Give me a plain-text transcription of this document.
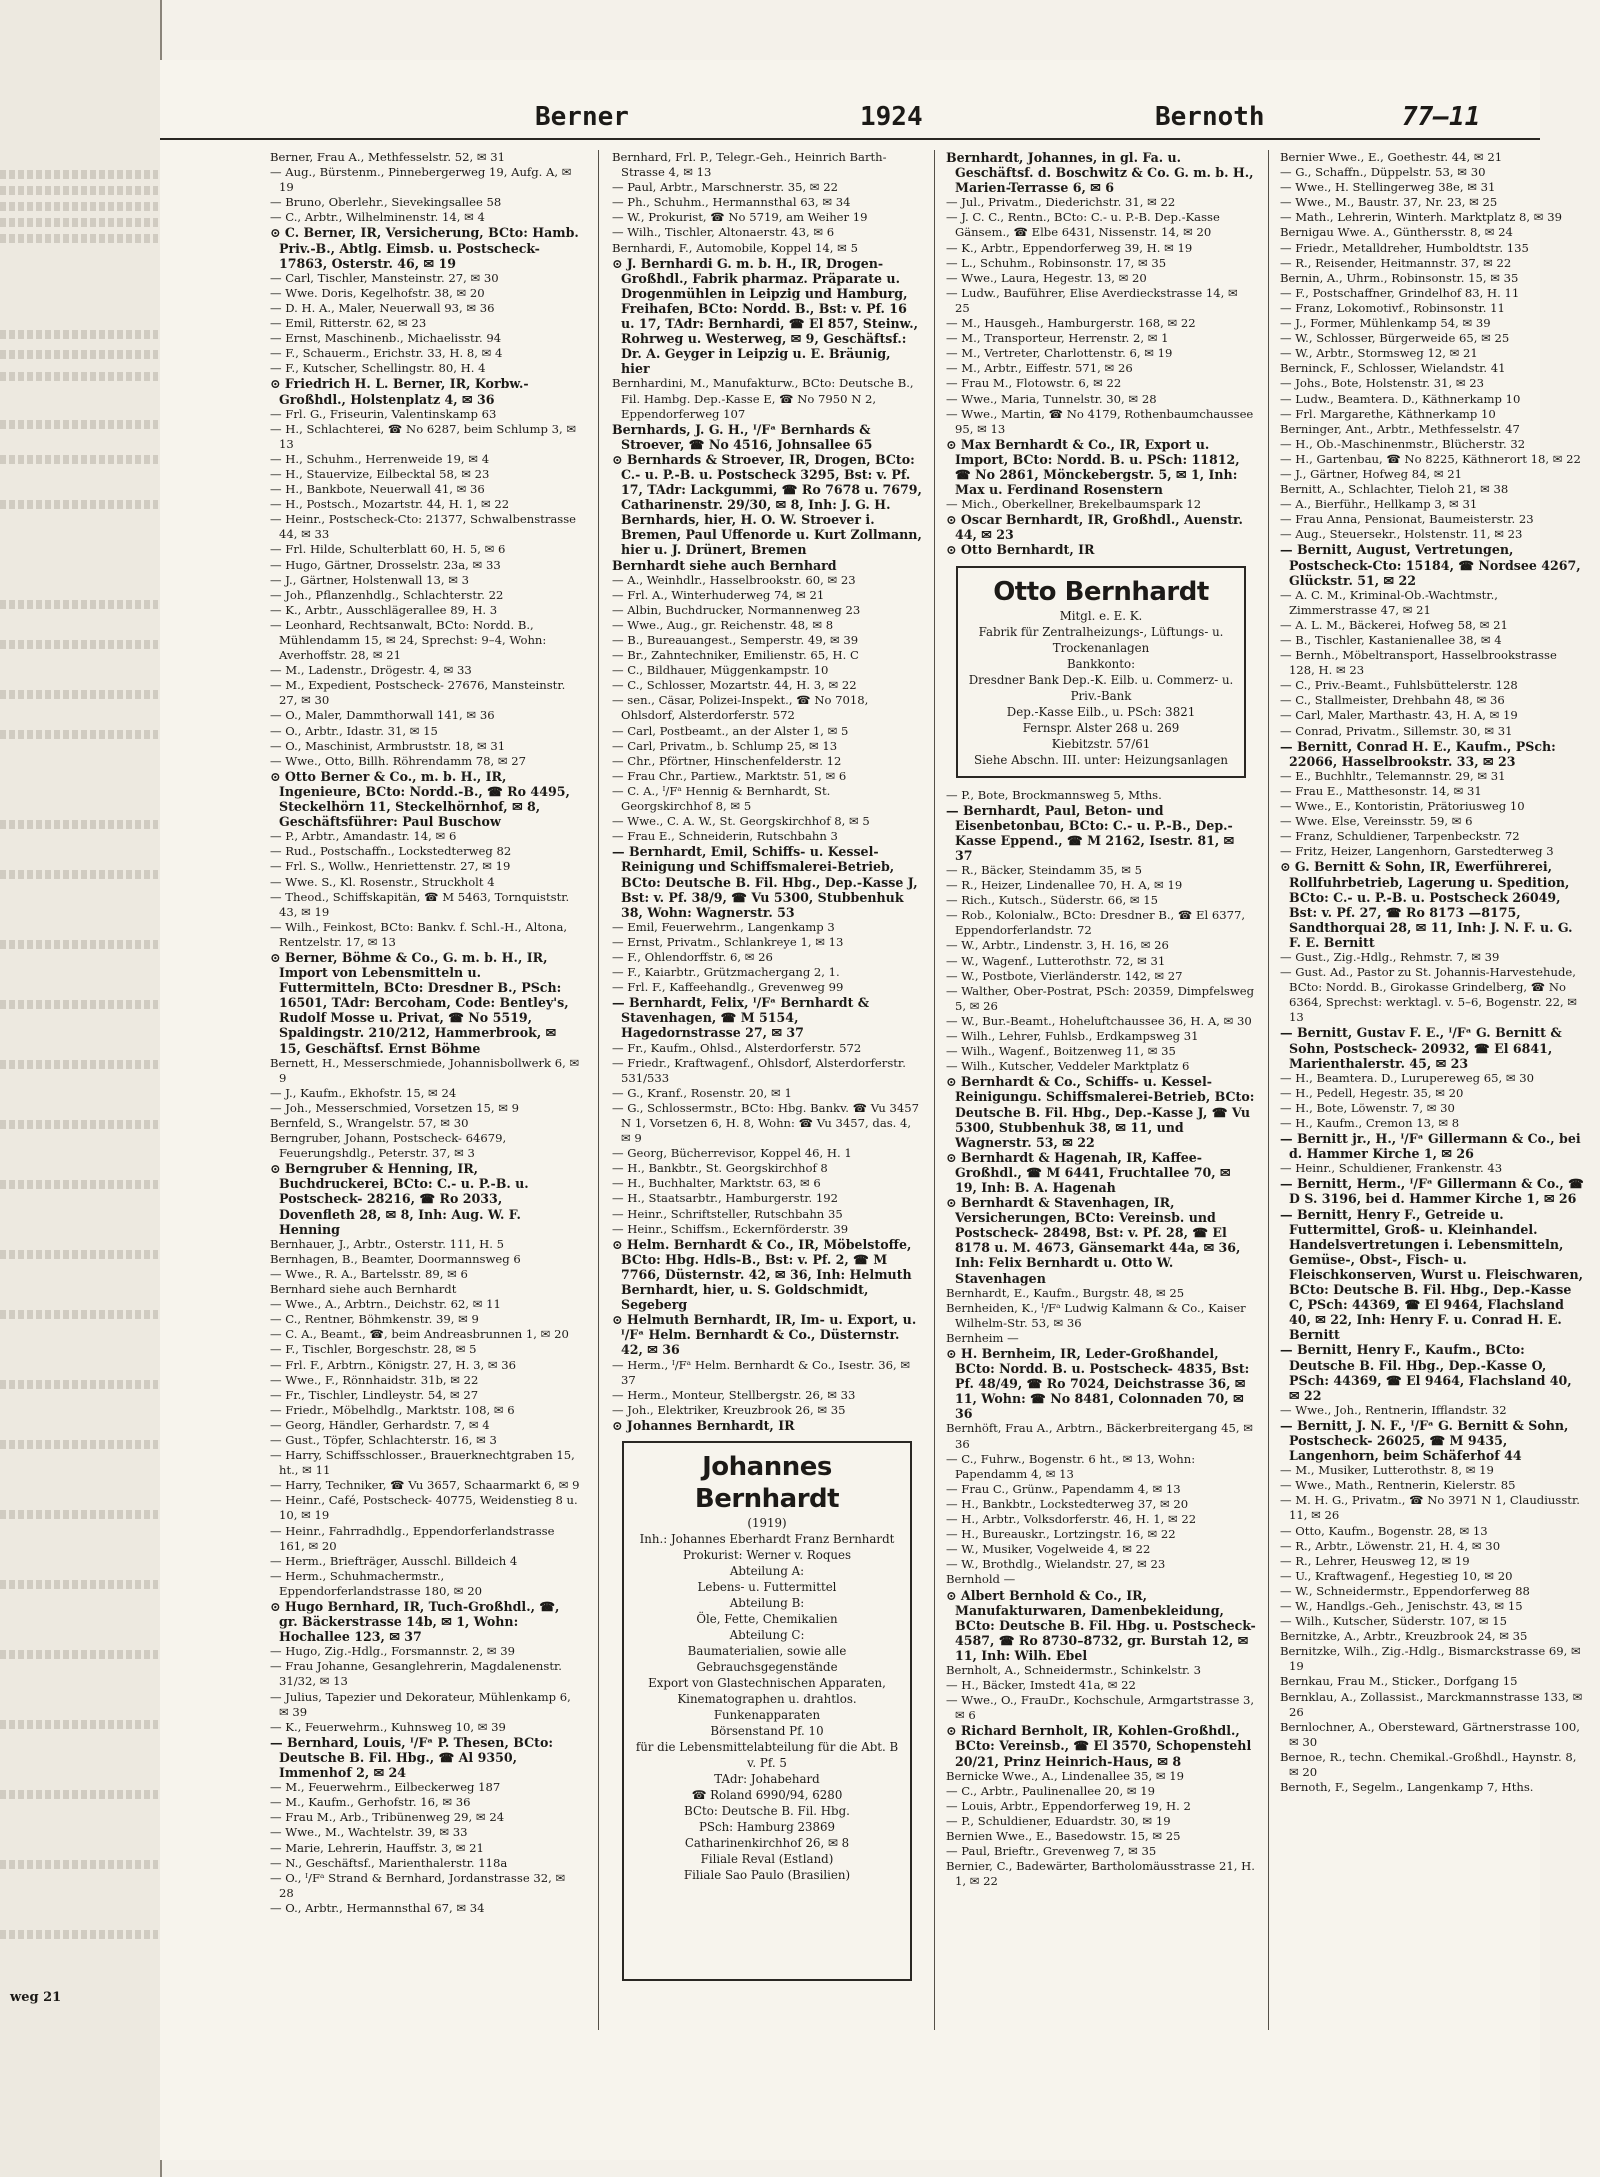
weg 21
Berner	1924	Bernoth	77—11

Berner, Frau A., Methfesselstr. 52, ✉ 31

— Aug., Bürstenm., Pinnebergerweg 19, Aufg. A, ✉ 19

— Bruno, Oberlehr., Sievekingsallee 58

— C., Arbtr., Wilhelminenstr. 14, ✉ 4

⊙ C. Berner, IR, Versicherung, BCto: Hamb. Priv.-B., Abtlg. Eimsb. u. Postscheck- 17863, Osterstr. 46, ✉ 19

— Carl, Tischler, Mansteinstr. 27, ✉ 30

— Wwe. Doris, Kegelhofstr. 38, ✉ 20

— D. H. A., Maler, Neuerwall 93, ✉ 36

— Emil, Ritterstr. 62, ✉ 23

— Ernst, Maschinenb., Michaelisstr. 94

— F., Schauerm., Erichstr. 33, H. 8, ✉ 4

— F., Kutscher, Schellingstr. 80, H. 4

⊙ Friedrich H. L. Berner, IR, Korbw.-Großhdl., Holstenplatz 4, ✉ 36

— Frl. G., Friseurin, Valentinskamp 63

— H., Schlachterei, ☎ No 6287, beim Schlump 3, ✉ 13

— H., Schuhm., Herrenweide 19, ✉ 4

— H., Stauervize, Eilbecktal 58, ✉ 23

— H., Bankbote, Neuerwall 41, ✉ 36

— H., Postsch., Mozartstr. 44, H. 1, ✉ 22

— Heinr., Postscheck-Cto: 21377, Schwalbenstrasse 44, ✉ 33

— Frl. Hilde, Schulterblatt 60, H. 5, ✉ 6

— Hugo, Gärtner, Drosselstr. 23a, ✉ 33

— J., Gärtner, Holstenwall 13, ✉ 3

— Joh., Pflanzenhdlg., Schlachterstr. 22

— K., Arbtr., Ausschlägerallee 89, H. 3

— Leonhard, Rechtsanwalt, BCto: Nordd. B., Mühlendamm 15, ✉ 24, Sprechst: 9–4, Wohn: Averhoffstr. 28, ✉ 21

— M., Ladenstr., Drögestr. 4, ✉ 33

— M., Expedient, Postscheck- 27676, Mansteinstr. 27, ✉ 30

— O., Maler, Dammthorwall 141, ✉ 36

— O., Arbtr., Idastr. 31, ✉ 15

— O., Maschinist, Armbruststr. 18, ✉ 31

— Wwe., Otto, Billh. Röhrendamm 78, ✉ 27

⊙ Otto Berner & Co., m. b. H., IR, Ingenieure, BCto: Nordd.-B., ☎ Ro 4495, Steckelhörn 11, Steckelhörnhof, ✉ 8, Geschäftsführer: Paul Buschow

— P., Arbtr., Amandastr. 14, ✉ 6

— Rud., Postschaffn., Lockstedterweg 82

— Frl. S., Wollw., Henriettenstr. 27, ✉ 19

— Wwe. S., Kl. Rosenstr., Struckholt 4

— Theod., Schiffskapitän, ☎ M 5463, Tornquiststr. 43, ✉ 19

— Wilh., Feinkost, BCto: Bankv. f. Schl.-H., Altona, Rentzelstr. 17, ✉ 13

⊙ Berner, Böhme & Co., G. m. b. H., IR, Import von Lebensmitteln u. Futtermitteln, BCto: Dresdner B., PSch: 16501, TAdr: Bercoham, Code: Bentley's, Rudolf Mosse u. Privat, ☎ No 5519, Spaldingstr. 210/212, Hammerbrook, ✉ 15, Geschäftsf. Ernst Böhme

Bernett, H., Messerschmiede, Johannisbollwerk 6, ✉ 9

— J., Kaufm., Ekhofstr. 15, ✉ 24

— Joh., Messerschmied, Vorsetzen 15, ✉ 9

Bernfeld, S., Wrangelstr. 57, ✉ 30

Berngruber, Johann, Postscheck- 64679, Feuerungshdlg., Peterstr. 37, ✉ 3

⊙ Berngruber & Henning, IR, Buchdruckerei, BCto: C.- u. P.-B. u. Postscheck- 28216, ☎ Ro 2033, Dovenfleth 28, ✉ 8, Inh: Aug. W. F. Henning

Bernhauer, J., Arbtr., Osterstr. 111, H. 5

Bernhagen, B., Beamter, Doormannsweg 6

— Wwe., R. A., Bartelsstr. 89, ✉ 6

Bernhard siehe auch Bernhardt

— Wwe., A., Arbtrn., Deichstr. 62, ✉ 11

— C., Rentner, Böhmkenstr. 39, ✉ 9

— C. A., Beamt., ☎, beim Andreasbrunnen 1, ✉ 20

— F., Tischler, Borgeschstr. 28, ✉ 5

— Frl. F., Arbtrn., Königstr. 27, H. 3, ✉ 36

— Wwe., F., Rönnhaidstr. 31b, ✉ 22

— Fr., Tischler, Lindleystr. 54, ✉ 27

— Friedr., Möbelhdlg., Marktstr. 108, ✉ 6

— Georg, Händler, Gerhardstr. 7, ✉ 4

— Gust., Töpfer, Schlachterstr. 16, ✉ 3

— Harry, Schiffsschlosser., Brauerknechtgraben 15, ht., ✉ 11

— Harry, Techniker, ☎ Vu 3657, Schaarmarkt 6, ✉ 9

— Heinr., Café, Postscheck- 40775, Weidenstieg 8 u. 10, ✉ 19

— Heinr., Fahrradhdlg., Eppendorferlandstrasse 161, ✉ 20

— Herm., Briefträger, Ausschl. Billdeich 4

— Herm., Schuhmachermstr., Eppendorferlandstrasse 180, ✉ 20

⊙ Hugo Bernhard, IR, Tuch-Großhdl., ☎, gr. Bäckerstrasse 14b, ✉ 1, Wohn: Hochallee 123, ✉ 37

— Hugo, Zig.-Hdlg., Forsmannstr. 2, ✉ 39

— Frau Johanne, Gesanglehrerin, Magdalenenstr. 31/32, ✉ 13

— Julius, Tapezier und Dekorateur, Mühlenkamp 6, ✉ 39

— K., Feuerwehrm., Kuhnsweg 10, ✉ 39

— Bernhard, Louis, ᴵ/Fᵃ P. Thesen, BCto: Deutsche B. Fil. Hbg., ☎ Al 9350, Immenhof 2, ✉ 24

— M., Feuerwehrm., Eilbeckerweg 187

— M., Kaufm., Gerhofstr. 16, ✉ 36

— Frau M., Arb., Tribünenweg 29, ✉ 24

— Wwe., M., Wachtelstr. 39, ✉ 33

— Marie, Lehrerin, Hauffstr. 3, ✉ 21

— N., Geschäftsf., Marienthalerstr. 118a

— O., ᴵ/Fᵃ Strand & Bernhard, Jordanstrasse 32, ✉ 28

— O., Arbtr., Hermannsthal 67, ✉ 34

Bernhard, Frl. P., Telegr.-Geh., Heinrich Barth-Strasse 4, ✉ 13

— Paul, Arbtr., Marschnerstr. 35, ✉ 22

— Ph., Schuhm., Hermannsthal 63, ✉ 34

— W., Prokurist, ☎ No 5719, am Weiher 19

— Wilh., Tischler, Altonaerstr. 43, ✉ 6

Bernhardi, F., Automobile, Koppel 14, ✉ 5

⊙ J. Bernhardi G. m. b. H., IR, Drogen-Großhdl., Fabrik pharmaz. Präparate u. Drogenmühlen in Leipzig und Hamburg, Freihafen, BCto: Nordd. B., Bst: v. Pf. 16 u. 17, TAdr: Bernhardi, ☎ El 857, Steinw., Rohrweg u. Westerweg, ✉ 9, Geschäftsf.: Dr. A. Geyger in Leipzig u. E. Bräunig, hier

Bernhardini, M., Manufakturw., BCto: Deutsche B., Fil. Hambg. Dep.-Kasse E, ☎ No 7950 N 2, Eppendorferweg 107

Bernhards, J. G. H., ᴵ/Fᵃ Bernhards & Stroever, ☎ No 4516, Johnsallee 65

⊙ Bernhards & Stroever, IR, Drogen, BCto: C.- u. P.-B. u. Postscheck 3295, Bst: v. Pf. 17, TAdr: Lackgummi, ☎ Ro 7678 u. 7679, Catharinenstr. 29/30, ✉ 8, Inh: J. G. H. Bernhards, hier, H. O. W. Stroever i. Bremen, Paul Uffenorde u. Kurt Zollmann, hier u. J. Drünert, Bremen

Bernhardt siehe auch Bernhard

— A., Weinhdlr., Hasselbrookstr. 60, ✉ 23

— Frl. A., Winterhuderweg 74, ✉ 21

— Albin, Buchdrucker, Normannenweg 23

— Wwe., Aug., gr. Reichenstr. 48, ✉ 8

— B., Bureauangest., Semperstr. 49, ✉ 39

— Br., Zahntechniker, Emilienstr. 65, H. C

— C., Bildhauer, Müggenkampstr. 10

— C., Schlosser, Mozartstr. 44, H. 3, ✉ 22

— sen., Cäsar, Polizei-Inspekt., ☎ No 7018, Ohlsdorf, Alsterdorferstr. 572

— Carl, Postbeamt., an der Alster 1, ✉ 5

— Carl, Privatm., b. Schlump 25, ✉ 13

— Chr., Pförtner, Hinschenfelderstr. 12

— Frau Chr., Partiew., Marktstr. 51, ✉ 6

— C. A., ᴵ/Fᵃ Hennig & Bernhardt, St. Georgskirchhof 8, ✉ 5

— Wwe., C. A. W., St. Georgskirchhof 8, ✉ 5

— Frau E., Schneiderin, Rutschbahn 3

— Bernhardt, Emil, Schiffs- u. Kessel-Reinigung und Schiffsmalerei-Betrieb, BCto: Deutsche B. Fil. Hbg., Dep.-Kasse J, Bst: v. Pf. 38/9, ☎ Vu 5300, Stubbenhuk 38, Wohn: Wagnerstr. 53

— Emil, Feuerwehrm., Langenkamp 3

— Ernst, Privatm., Schlankreye 1, ✉ 13

— F., Ohlendorffstr. 6, ✉ 26

— F., Kaiarbtr., Grützmachergang 2, 1.

— Frl. F., Kaffeehandlg., Grevenweg 99

— Bernhardt, Felix, ᴵ/Fᵃ Bernhardt & Stavenhagen, ☎ M 5154, Hagedornstrasse 27, ✉ 37

— Fr., Kaufm., Ohlsd., Alsterdorferstr. 572

— Friedr., Kraftwagenf., Ohlsdorf, Alsterdorferstr. 531/533

— G., Kranf., Rosenstr. 20, ✉ 1

— G., Schlossermstr., BCto: Hbg. Bankv. ☎ Vu 3457 N 1, Vorsetzen 6, H. 8, Wohn: ☎ Vu 3457, das. 4, ✉ 9

— Georg, Bücherrevisor, Koppel 46, H. 1

— H., Bankbtr., St. Georgskirchhof 8

— H., Buchhalter, Marktstr. 63, ✉ 6

— H., Staatsarbtr., Hamburgerstr. 192

— Heinr., Schriftsteller, Rutschbahn 35

— Heinr., Schiffsm., Eckernförderstr. 39

⊙ Helm. Bernhardt & Co., IR, Möbelstoffe, BCto: Hbg. Hdls-B., Bst: v. Pf. 2, ☎ M 7766, Düsternstr. 42, ✉ 36, Inh: Helmuth Bernhardt, hier, u. S. Goldschmidt, Segeberg

⊙ Helmuth Bernhardt, IR, Im- u. Export, u. ᴵ/Fᵃ Helm. Bernhardt & Co., Düsternstr. 42, ✉ 36

— Herm., ᴵ/Fᵃ Helm. Bernhardt & Co., Isestr. 36, ✉ 37

— Herm., Monteur, Stellbergstr. 26, ✉ 33

— Joh., Elektriker, Kreuzbrook 26, ✉ 35

⊙ Johannes Bernhardt, IR

Johannes Bernhardt
(1919)
Inh.: Johannes Eberhardt Franz Bernhardt
Prokurist: Werner v. Roques
Abteilung A:
Lebens- u. Futtermittel
Abteilung B:
Öle, Fette, Chemikalien
Abteilung C:
Baumaterialien, sowie alle Gebrauchsgegenstände
Export von Glastechnischen Apparaten, Kinematographen u. drahtlos. Funkenapparaten
Börsenstand Pf. 10
für die Lebensmittelabteilung für die Abt. B v. Pf. 5
TAdr: Johabehard
☎ Roland 6990/94, 6280
BCto: Deutsche B. Fil. Hbg.
PSch: Hamburg 23869
Catharinenkirchhof 26, ✉ 8
Filiale Reval (Estland)
Filiale Sao Paulo (Brasilien)

Bernhardt, Johannes, in gl. Fa. u. Geschäftsf. d. Boschwitz & Co. G. m. b. H., Marien-Terrasse 6, ✉ 6

— Jul., Privatm., Diederichstr. 31, ✉ 22

— J. C. C., Rentn., BCto: C.- u. P.-B. Dep.-Kasse Gänsem., ☎ Elbe 6431, Nissenstr. 14, ✉ 20

— K., Arbtr., Eppendorferweg 39, H. ✉ 19

— L., Schuhm., Robinsonstr. 17, ✉ 35

— Wwe., Laura, Hegestr. 13, ✉ 20

— Ludw., Bauführer, Elise Averdieckstrasse 14, ✉ 25

— M., Hausgeh., Hamburgerstr. 168, ✉ 22

— M., Transporteur, Herrenstr. 2, ✉ 1

— M., Vertreter, Charlottenstr. 6, ✉ 19

— M., Arbtr., Eiffestr. 571, ✉ 26

— Frau M., Flotowstr. 6, ✉ 22

— Wwe., Maria, Tunnelstr. 30, ✉ 28

— Wwe., Martin, ☎ No 4179, Rothenbaumchaussee 95, ✉ 13

⊙ Max Bernhardt & Co., IR, Export u. Import, BCto: Nordd. B. u. PSch: 11812, ☎ No 2861, Mönckebergstr. 5, ✉ 1, Inh: Max u. Ferdinand Rosenstern

— Mich., Oberkellner, Brekelbaumspark 12

⊙ Oscar Bernhardt, IR, Großhdl., Auenstr. 44, ✉ 23

⊙ Otto Bernhardt, IR

Otto Bernhardt
Mitgl. e. E. K.
Fabrik für Zentralheizungs-, Lüftungs- u. Trockenanlagen
Bankkonto:
Dresdner Bank Dep.-K. Eilb. u. Commerz- u. Priv.-Bank
Dep.-Kasse Eilb., u. PSch: 3821
Fernspr. Alster 268 u. 269
Kiebitzstr. 57/61
Siehe Abschn. III. unter: Heizungsanlagen

— P., Bote, Brockmannsweg 5, Mths.

— Bernhardt, Paul, Beton- und Eisenbetonbau, BCto: C.- u. P.-B., Dep.-Kasse Eppend., ☎ M 2162, Isestr. 81, ✉ 37

— R., Bäcker, Steindamm 35, ✉ 5

— R., Heizer, Lindenallee 70, H. A, ✉ 19

— Rich., Kutsch., Süderstr. 66, ✉ 15

— Rob., Kolonialw., BCto: Dresdner B., ☎ El 6377, Eppendorferlandstr. 72

— W., Arbtr., Lindenstr. 3, H. 16, ✉ 26

— W., Wagenf., Lutterothstr. 72, ✉ 31

— W., Postbote, Vierländerstr. 142, ✉ 27

— Walther, Ober-Postrat, PSch: 20359, Dimpfelsweg 5, ✉ 26

— W., Bur.-Beamt., Hoheluftchaussee 36, H. A, ✉ 30

— Wilh., Lehrer, Fuhlsb., Erdkampsweg 31

— Wilh., Wagenf., Boitzenweg 11, ✉ 35

— Wilh., Kutscher, Veddeler Marktplatz 6

⊙ Bernhardt & Co., Schiffs- u. Kessel-Reinigungu. Schiffsmalerei-Betrieb, BCto: Deutsche B. Fil. Hbg., Dep.-Kasse J, ☎ Vu 5300, Stubbenhuk 38, ✉ 11, und Wagnerstr. 53, ✉ 22

⊙ Bernhardt & Hagenah, IR, Kaffee-Großhdl., ☎ M 6441, Fruchtallee 70, ✉ 19, Inh: B. A. Hagenah

⊙ Bernhardt & Stavenhagen, IR, Versicherungen, BCto: Vereinsb. und Postscheck- 28498, Bst: v. Pf. 28, ☎ El 8178 u. M. 4673, Gänsemarkt 44a, ✉ 36, Inh: Felix Bernhardt u. Otto W. Stavenhagen

Bernhardt, E., Kaufm., Burgstr. 48, ✉ 25

Bernheiden, K., ᴵ/Fᵃ Ludwig Kalmann & Co., Kaiser Wilhelm-Str. 53, ✉ 36

Bernheim —

⊙ H. Bernheim, IR, Leder-Großhandel, BCto: Nordd. B. u. Postscheck- 4835, Bst: Pf. 48/49, ☎ Ro 7024, Deichstrasse 36, ✉ 11, Wohn: ☎ No 8481, Colonnaden 70, ✉ 36

Bernhöft, Frau A., Arbtrn., Bäckerbreitergang 45, ✉ 36

— C., Fuhrw., Bogenstr. 6 ht., ✉ 13, Wohn: Papendamm 4, ✉ 13

— Frau C., Grünw., Papendamm 4, ✉ 13

— H., Bankbtr., Lockstedterweg 37, ✉ 20

— H., Arbtr., Volksdorferstr. 46, H. 1, ✉ 22

— H., Bureauskr., Lortzingstr. 16, ✉ 22

— W., Musiker, Vogelweide 4, ✉ 22

— W., Brothdlg., Wielandstr. 27, ✉ 23

Bernhold —

⊙ Albert Bernhold & Co., IR, Manufakturwaren, Damenbekleidung, BCto: Deutsche B. Fil. Hbg. u. Postscheck- 4587, ☎ Ro 8730–8732, gr. Burstah 12, ✉ 11, Inh: Wilh. Ebel

Bernholt, A., Schneidermstr., Schinkelstr. 3

— H., Bäcker, Imstedt 41a, ✉ 22

— Wwe., O., FrauDr., Kochschule, Armgartstrasse 3, ✉ 6

⊙ Richard Bernholt, IR, Kohlen-Großhdl., BCto: Vereinsb., ☎ El 3570, Schopenstehl 20/21, Prinz Heinrich-Haus, ✉ 8

Bernicke Wwe., A., Lindenallee 35, ✉ 19

— C., Arbtr., Paulinenallee 20, ✉ 19

— Louis, Arbtr., Eppendorferweg 19, H. 2

— P., Schuldiener, Eduardstr. 30, ✉ 19

Bernien Wwe., E., Basedowstr. 15, ✉ 25

— Paul, Brieftr., Grevenweg 7, ✉ 35

Bernier, C., Badewärter, Bartholomäusstrasse 21, H. 1, ✉ 22

Bernier Wwe., E., Goethestr. 44, ✉ 21

— G., Schaffn., Düppelstr. 53, ✉ 30

— Wwe., H. Stellingerweg 38e, ✉ 31

— Wwe., M., Baustr. 37, Nr. 23, ✉ 25

— Math., Lehrerin, Winterh. Marktplatz 8, ✉ 39

Bernigau Wwe. A., Günthersstr. 8, ✉ 24

— Friedr., Metalldreher, Humboldtstr. 135

— R., Reisender, Heitmannstr. 37, ✉ 22

Bernin, A., Uhrm., Robinsonstr. 15, ✉ 35

— F., Postschaffner, Grindelhof 83, H. 11

— Franz, Lokomotivf., Robinsonstr. 11

— J., Former, Mühlenkamp 54, ✉ 39

— W., Schlosser, Bürgerweide 65, ✉ 25

— W., Arbtr., Stormsweg 12, ✉ 21

Berninck, F., Schlosser, Wielandstr. 41

— Johs., Bote, Holstenstr. 31, ✉ 23

— Ludw., Beamtera. D., Käthnerkamp 10

— Frl. Margarethe, Käthnerkamp 10

Berninger, Ant., Arbtr., Methfesselstr. 47

— H., Ob.-Maschinenmstr., Blücherstr. 32

— H., Gartenbau, ☎ No 8225, Käthnerort 18, ✉ 22

— J., Gärtner, Hofweg 84, ✉ 21

Bernitt, A., Schlachter, Tieloh 21, ✉ 38

— A., Bierführ., Hellkamp 3, ✉ 31

— Frau Anna, Pensionat, Baumeisterstr. 23

— Aug., Steuersekr., Holstenstr. 11, ✉ 23

— Bernitt, August, Vertretungen, Postscheck-Cto: 15184, ☎ Nordsee 4267, Glückstr. 51, ✉ 22

— A. C. M., Kriminal-Ob.-Wachtmstr., Zimmerstrasse 47, ✉ 21

— A. L. M., Bäckerei, Hofweg 58, ✉ 21

— B., Tischler, Kastanienallee 38, ✉ 4

— Bernh., Möbeltransport, Hasselbrookstrasse 128, H. ✉ 23

— C., Priv.-Beamt., Fuhlsbüttelerstr. 128

— C., Stallmeister, Drehbahn 48, ✉ 36

— Carl, Maler, Marthastr. 43, H. A, ✉ 19

— Conrad, Privatm., Sillemstr. 30, ✉ 31

— Bernitt, Conrad H. E., Kaufm., PSch: 22066, Hasselbrookstr. 33, ✉ 23

— E., Buchhltr., Telemannstr. 29, ✉ 31

— Frau E., Matthesonstr. 14, ✉ 31

— Wwe., E., Kontoristin, Prätoriusweg 10

— Wwe. Else, Vereinsstr. 59, ✉ 6

— Franz, Schuldiener, Tarpenbeckstr. 72

— Fritz, Heizer, Langenhorn, Garstedterweg 3

⊙ G. Bernitt & Sohn, IR, Ewerführerei, Rollfuhrbetrieb, Lagerung u. Spedition, BCto: C.- u. P.-B. u. Postscheck 26049, Bst: v. Pf. 27, ☎ Ro 8173 —8175, Sandthorquai 28, ✉ 11, Inh: J. N. F. u. G. F. E. Bernitt

— Gust., Zig.-Hdlg., Rehmstr. 7, ✉ 39

— Gust. Ad., Pastor zu St. Johannis-Harvestehude, BCto: Nordd. B., Girokasse Grindelberg, ☎ No 6364, Sprechst: werktagl. v. 5–6, Bogenstr. 22, ✉ 13

— Bernitt, Gustav F. E., ᴵ/Fᵃ G. Bernitt & Sohn, Postscheck- 20932, ☎ El 6841, Marienthalerstr. 45, ✉ 23

— H., Beamtera. D., Lurupereweg 65, ✉ 30

— H., Pedell, Hegestr. 35, ✉ 20

— H., Bote, Löwenstr. 7, ✉ 30

— H., Kaufm., Cremon 13, ✉ 8

— Bernitt jr., H., ᴵ/Fᵃ Gillermann & Co., bei d. Hammer Kirche 1, ✉ 26

— Heinr., Schuldiener, Frankenstr. 43

— Bernitt, Herm., ᴵ/Fᵃ Gillermann & Co., ☎ D S. 3196, bei d. Hammer Kirche 1, ✉ 26

— Bernitt, Henry F., Getreide u. Futtermittel, Groß- u. Kleinhandel. Handelsvertretungen i. Lebensmitteln, Gemüse-, Obst-, Fisch- u. Fleischkonserven, Wurst u. Fleischwaren, BCto: Deutsche B. Fil. Hbg., Dep.-Kasse C, PSch: 44369, ☎ El 9464, Flachsland 40, ✉ 22, Inh: Henry F. u. Conrad H. E. Bernitt

— Bernitt, Henry F., Kaufm., BCto: Deutsche B. Fil. Hbg., Dep.-Kasse O, PSch: 44369, ☎ El 9464, Flachsland 40, ✉ 22

— Wwe., Joh., Rentnerin, Ifflandstr. 32

— Bernitt, J. N. F., ᴵ/Fᵃ G. Bernitt & Sohn, Postscheck- 26025, ☎ M 9435, Langenhorn, beim Schäferhof 44

— M., Musiker, Lutterothstr. 8, ✉ 19

— Wwe., Math., Rentnerin, Kielerstr. 85

— M. H. G., Privatm., ☎ No 3971 N 1, Claudiusstr. 11, ✉ 26

— Otto, Kaufm., Bogenstr. 28, ✉ 13

— R., Arbtr., Löwenstr. 21, H. 4, ✉ 30

— R., Lehrer, Heusweg 12, ✉ 19

— U., Kraftwagenf., Hegestieg 10, ✉ 20

— W., Schneidermstr., Eppendorferweg 88

— W., Handlgs.-Geh., Jenischstr. 43, ✉ 15

— Wilh., Kutscher, Süderstr. 107, ✉ 15

Bernitzke, A., Arbtr., Kreuzbrook 24, ✉ 35

Bernitzke, Wilh., Zig.-Hdlg., Bismarckstrasse 69, ✉ 19

Bernkau, Frau M., Sticker., Dorfgang 15

Bernklau, A., Zollassist., Marckmannstrasse 133, ✉ 26

Bernlochner, A., Obersteward, Gärtnerstrasse 100, ✉ 30

Bernoe, R., techn. Chemikal.-Großhdl., Haynstr. 8, ✉ 20

Bernoth, F., Segelm., Langenkamp 7, Hths.
